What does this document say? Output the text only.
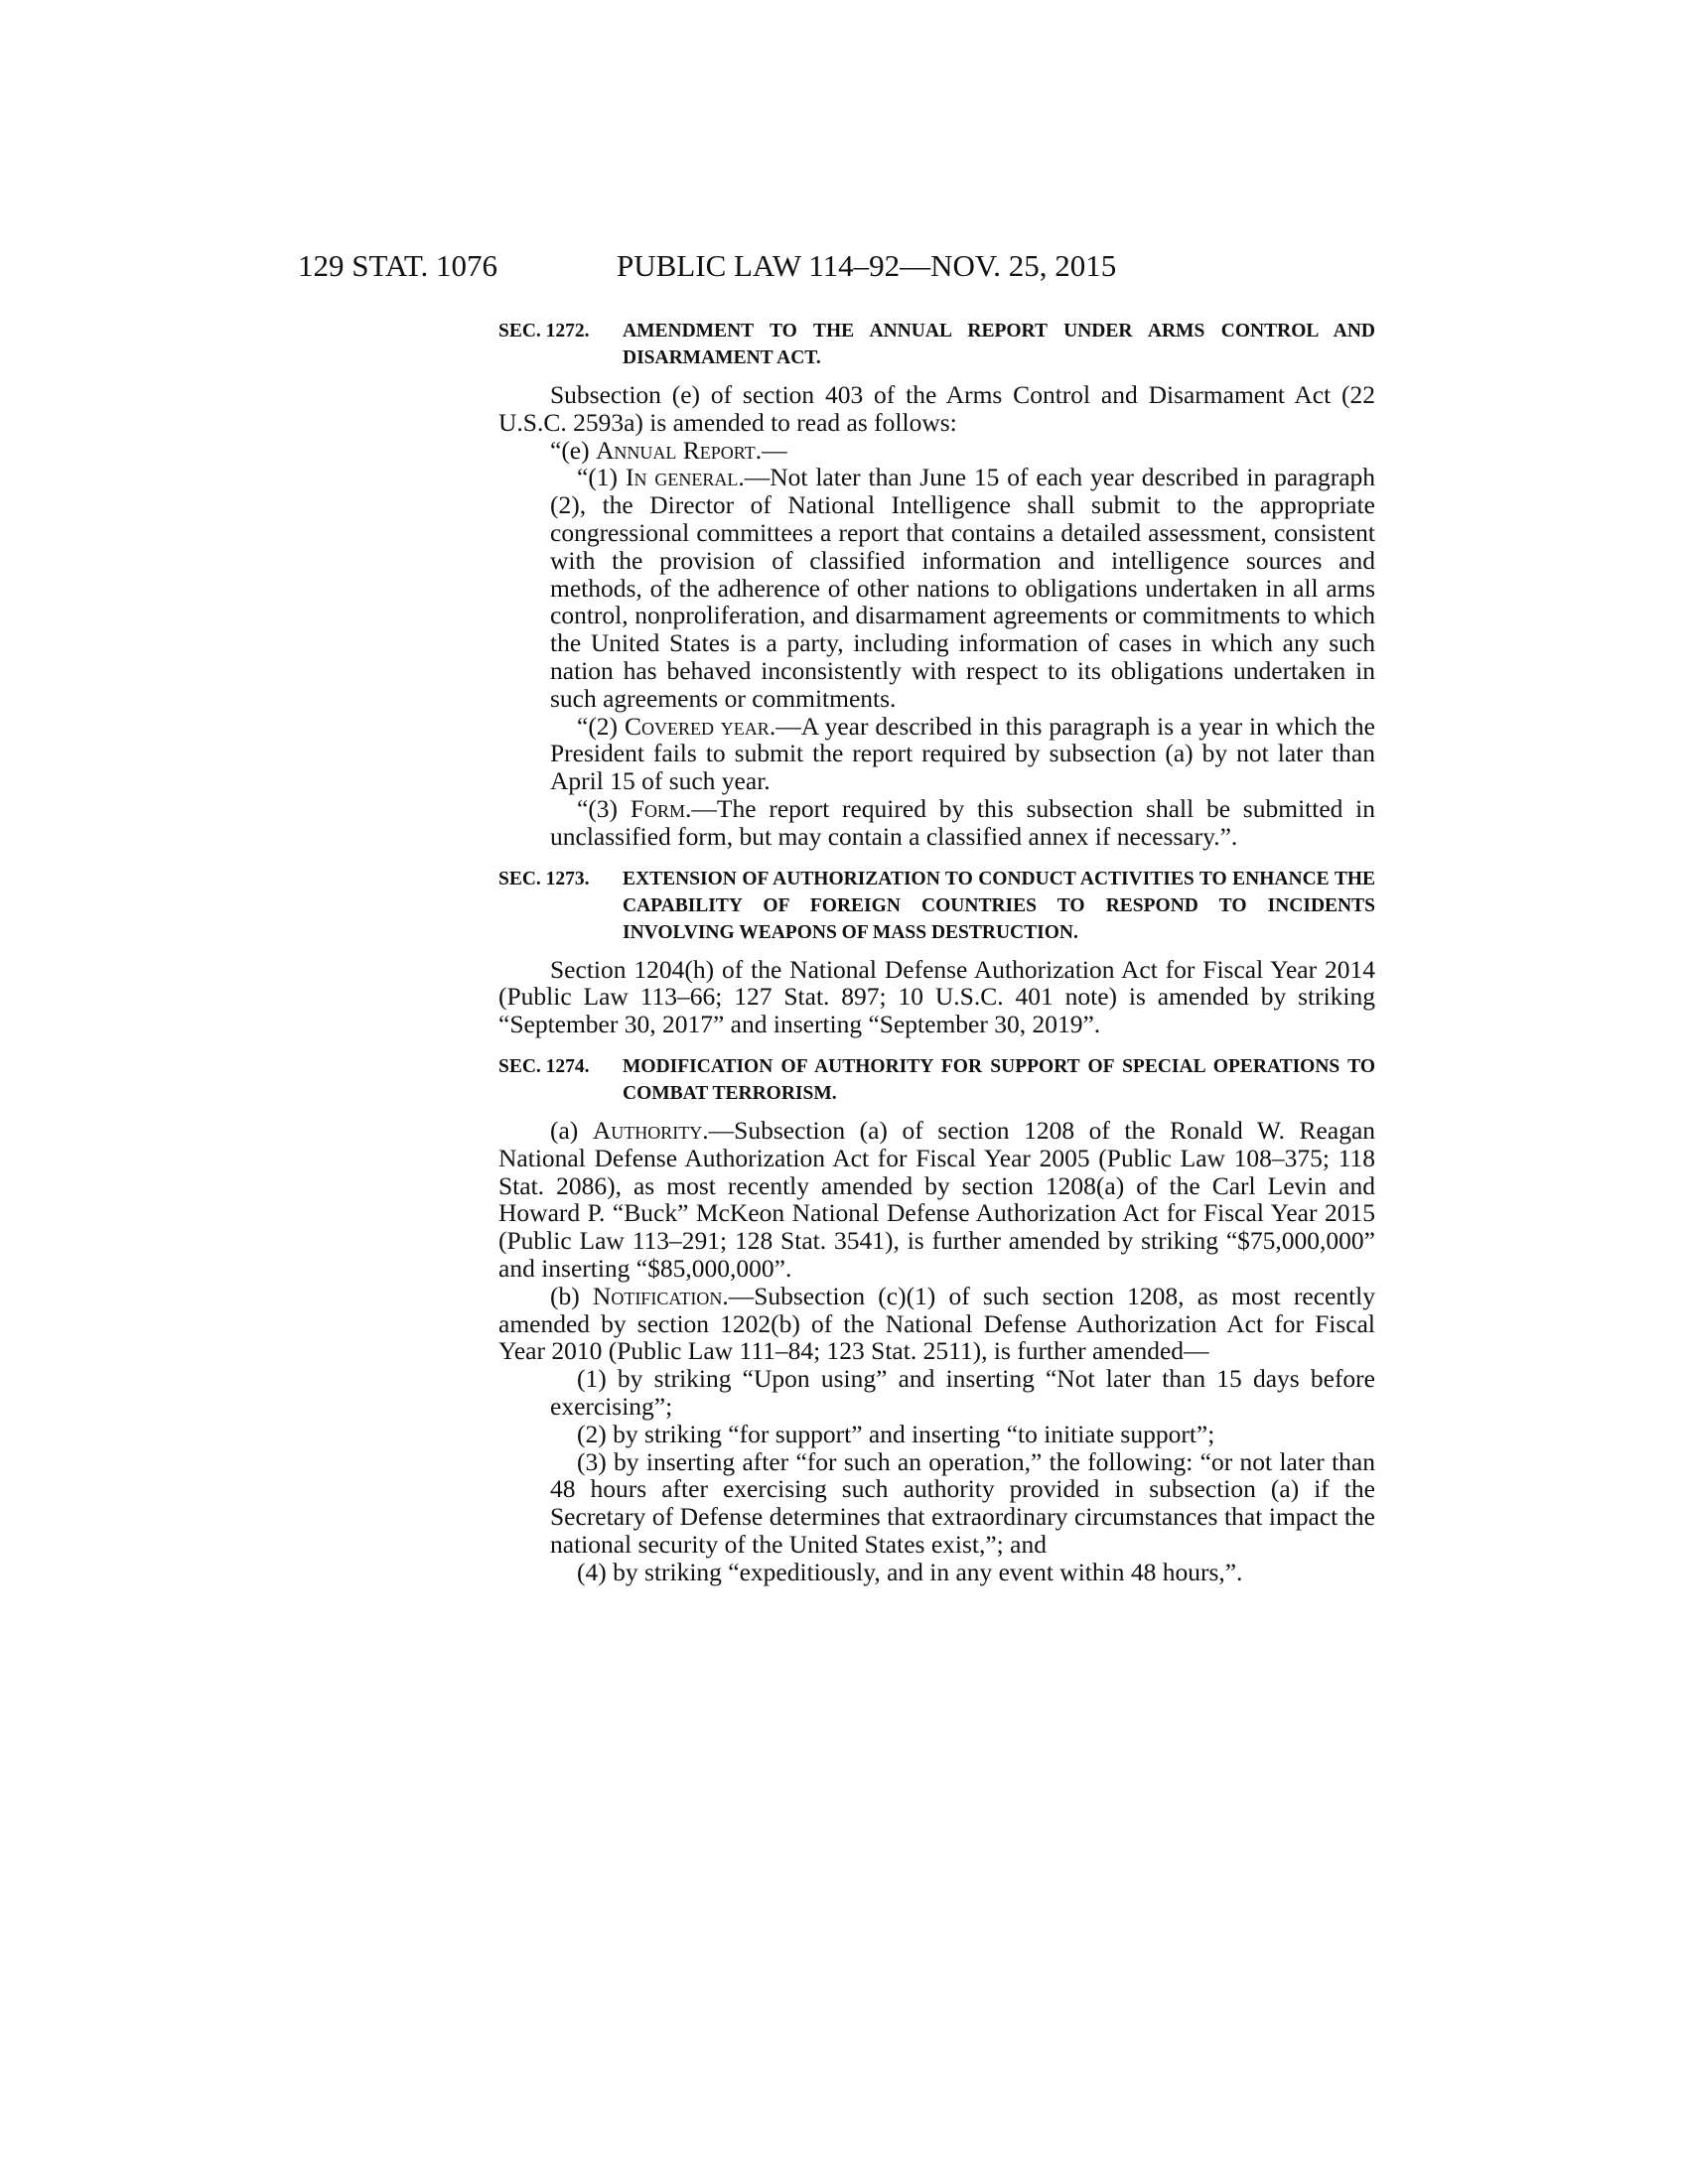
129 STAT. 1076	PUBLIC LAW 114–92—NOV. 25, 2015
SEC. 1272. AMENDMENT TO THE ANNUAL REPORT UNDER ARMS CONTROL AND DISARMAMENT ACT.

Subsection (e) of section 403 of the Arms Control and Disarmament Act (22 U.S.C. 2593a) is amended to read as follows:

“(e) Annual Report.—

“(1) In general.—Not later than June 15 of each year described in paragraph (2), the Director of National Intelligence shall submit to the appropriate congressional committees a report that contains a detailed assessment, consistent with the provision of classified information and intelligence sources and methods, of the adherence of other nations to obligations undertaken in all arms control, nonproliferation, and disarmament agreements or commitments to which the United States is a party, including information of cases in which any such nation has behaved inconsistently with respect to its obligations undertaken in such agreements or commitments.

“(2) Covered year.—A year described in this paragraph is a year in which the President fails to submit the report required by subsection (a) by not later than April 15 of such year.

“(3) Form.—The report required by this subsection shall be submitted in unclassified form, but may contain a classified annex if necessary.”.

SEC. 1273. EXTENSION OF AUTHORIZATION TO CONDUCT ACTIVITIES TO ENHANCE THE CAPABILITY OF FOREIGN COUNTRIES TO RESPOND TO INCIDENTS INVOLVING WEAPONS OF MASS DESTRUCTION.

Section 1204(h) of the National Defense Authorization Act for Fiscal Year 2014 (Public Law 113–66; 127 Stat. 897; 10 U.S.C. 401 note) is amended by striking “September 30, 2017” and inserting “September 30, 2019”.

SEC. 1274. MODIFICATION OF AUTHORITY FOR SUPPORT OF SPECIAL OPERATIONS TO COMBAT TERRORISM.

(a) Authority.—Subsection (a) of section 1208 of the Ronald W. Reagan National Defense Authorization Act for Fiscal Year 2005 (Public Law 108–375; 118 Stat. 2086), as most recently amended by section 1208(a) of the Carl Levin and Howard P. “Buck” McKeon National Defense Authorization Act for Fiscal Year 2015 (Public Law 113–291; 128 Stat. 3541), is further amended by striking “$75,000,000” and inserting “$85,000,000”.

(b) Notification.—Subsection (c)(1) of such section 1208, as most recently amended by section 1202(b) of the National Defense Authorization Act for Fiscal Year 2010 (Public Law 111–84; 123 Stat. 2511), is further amended—

(1) by striking “Upon using” and inserting “Not later than 15 days before exercising”;

(2) by striking “for support” and inserting “to initiate support”;

(3) by inserting after “for such an operation,” the following: “or not later than 48 hours after exercising such authority provided in subsection (a) if the Secretary of Defense determines that extraordinary circumstances that impact the national security of the United States exist,”; and

(4) by striking “expeditiously, and in any event within 48 hours,”.
